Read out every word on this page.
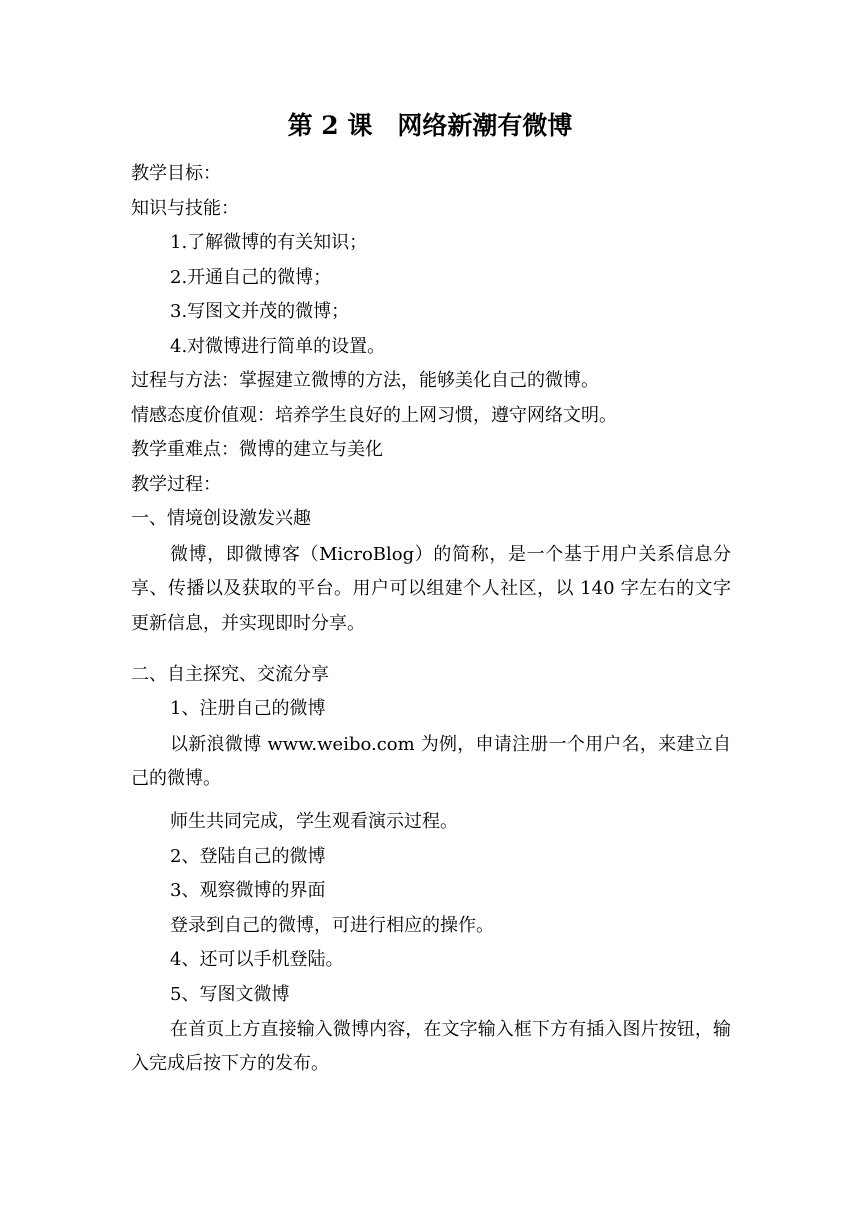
第 2 课　网络新潮有微博
教学目标：
知识与技能：
1.了解微博的有关知识；
2.开通自己的微博；
3.写图文并茂的微博；
4.对微博进行简单的设置。
过程与方法：掌握建立微博的方法，能够美化自己的微博。
情感态度价值观：培养学生良好的上网习惯，遵守网络文明。
教学重难点：微博的建立与美化
教学过程：
一、情境创设激发兴趣

微博，即微博客（MicroBlog）的简称，是一个基于用户关系信息分享、传播以及获取的平台。用户可以组建个人社区，以 140 字左右的文字更新信息，并实现即时分享。

二、自主探究、交流分享
1、注册自己的微博

以新浪微博 www.weibo.com 为例，申请注册一个用户名，来建立自己的微博。

师生共同完成，学生观看演示过程。
2、登陆自己的微博
3、观察微博的界面
登录到自己的微博，可进行相应的操作。
4、还可以手机登陆。
5、写图文微博

在首页上方直接输入微博内容，在文字输入框下方有插入图片按钮，输入完成后按下方的发布。
